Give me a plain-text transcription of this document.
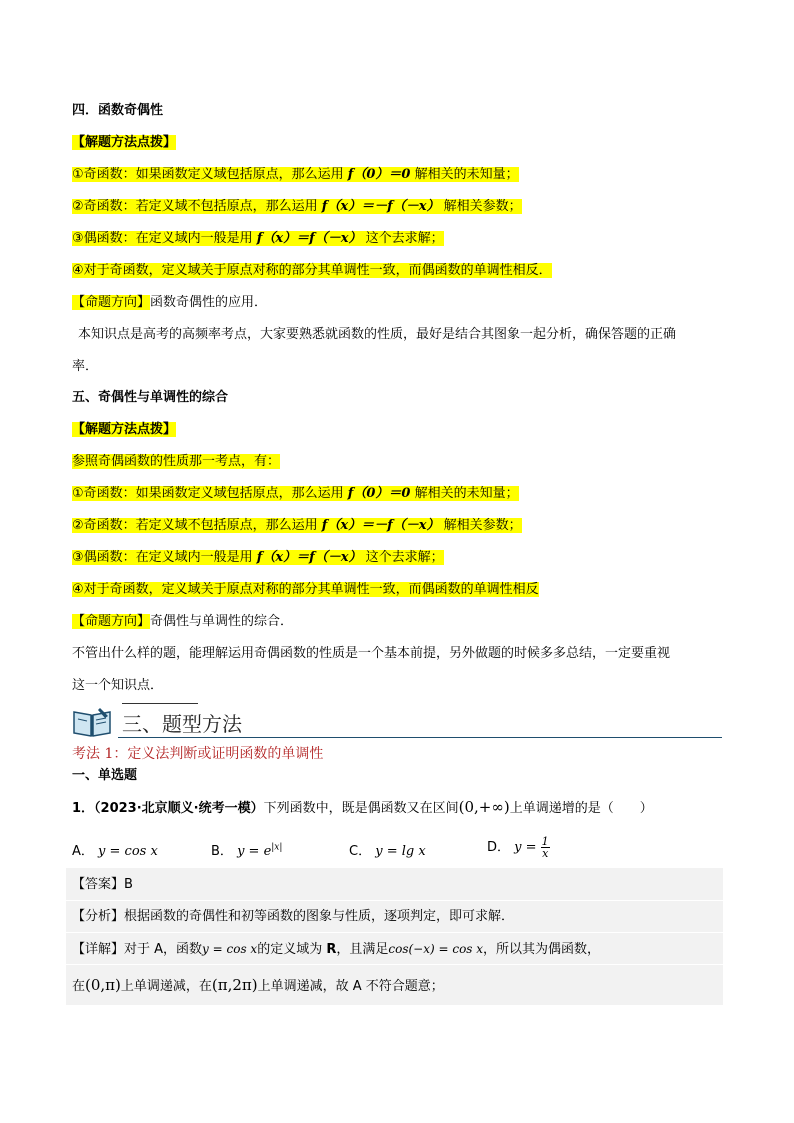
四．函数奇偶性
【解题方法点拨】
①奇函数：如果函数定义域包括原点，那么运用 f（0）＝0 解相关的未知量；
②奇函数：若定义域不包括原点，那么运用 f（x）＝－f（－x） 解相关参数；
③偶函数：在定义域内一般是用 f（x）＝f（－x） 这个去求解；
④对于奇函数，定义域关于原点对称的部分其单调性一致，而偶函数的单调性相反．
【命题方向】函数奇偶性的应用．
本知识点是高考的高频率考点，大家要熟悉就函数的性质，最好是结合其图象一起分析，确保答题的正确
率．
五、奇偶性与单调性的综合
【解题方法点拨】
参照奇偶函数的性质那一考点，有：
①奇函数：如果函数定义域包括原点，那么运用 f（0）＝0 解相关的未知量；
②奇函数：若定义域不包括原点，那么运用 f（x）＝－f（－x） 解相关参数；
③偶函数：在定义域内一般是用 f（x）＝f（－x） 这个去求解；
④对于奇函数，定义域关于原点对称的部分其单调性一致，而偶函数的单调性相反
【命题方向】奇偶性与单调性的综合．
不管出什么样的题，能理解运用奇偶函数的性质是一个基本前提，另外做题的时候多多总结，一定要重视
这一个知识点．
三、题型方法
考法 1：定义法判断或证明函数的单调性
一、单选题
1．（2023·北京顺义·统考一模）下列函数中，既是偶函数又在区间(0,+∞)上单调递增的是（　　）
A． y = cos x	B． $y = e^{|x|}$	C． y = lg x	D． $y = \frac{1}{x}$
【答案】B
【分析】根据函数的奇偶性和初等函数的图象与性质，逐项判定，即可求解．
【详解】对于 A，函数y = cos x的定义域为 R，且满足cos(−x) = cos x，所以其为偶函数，
在(0,π)上单调递减，在(π,2π)上单调递减，故 A 不符合题意；
